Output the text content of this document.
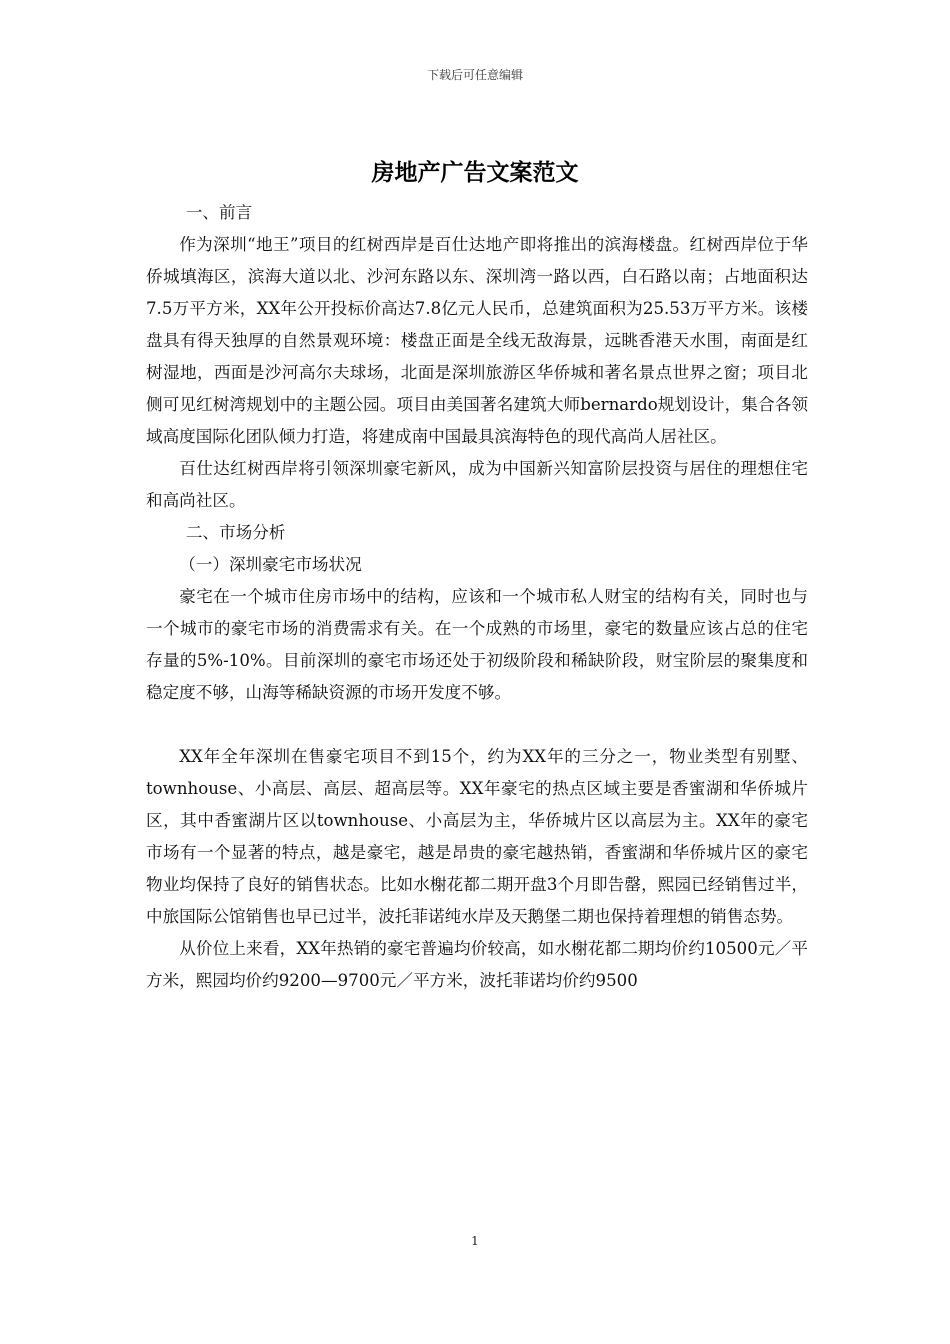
下载后可任意编辑
房地产广告文案范文

一、前言

作为深圳“地王”项目的红树西岸是百仕达地产即将推出的滨海楼盘。红树西岸位于华侨城填海区，滨海大道以北、沙河东路以东、深圳湾一路以西，白石路以南；占地面积达7.5万平方米，XX年公开投标价高达7.8亿元人民币，总建筑面积为25.53万平方米。该楼盘具有得天独厚的自然景观环境：楼盘正面是全线无敌海景，远眺香港天水围，南面是红树湿地，西面是沙河高尔夫球场，北面是深圳旅游区华侨城和著名景点世界之窗；项目北侧可见红树湾规划中的主题公园。项目由美国著名建筑大师bernardo规划设计，集合各领域高度国际化团队倾力打造，将建成南中国最具滨海特色的现代高尚人居社区。

百仕达红树西岸将引领深圳豪宅新风，成为中国新兴知富阶层投资与居住的理想住宅和高尚社区。

二、市场分析

（一）深圳豪宅市场状况

豪宅在一个城市住房市场中的结构，应该和一个城市私人财宝的结构有关，同时也与一个城市的豪宅市场的消费需求有关。在一个成熟的市场里，豪宅的数量应该占总的住宅存量的5%-10%。目前深圳的豪宅市场还处于初级阶段和稀缺阶段，财宝阶层的聚集度和稳定度不够，山海等稀缺资源的市场开发度不够。

XX年全年深圳在售豪宅项目不到15个，约为XX年的三分之一，物业类型有别墅、townhouse、小高层、高层、超高层等。XX年豪宅的热点区域主要是香蜜湖和华侨城片区，其中香蜜湖片区以townhouse、小高层为主，华侨城片区以高层为主。XX年的豪宅市场有一个显著的特点，越是豪宅，越是昂贵的豪宅越热销，香蜜湖和华侨城片区的豪宅物业均保持了良好的销售状态。比如水榭花都二期开盘3个月即告罄，熙园已经销售过半，中旅国际公馆销售也早已过半，波托菲诺纯水岸及天鹅堡二期也保持着理想的销售态势。

从价位上来看，XX年热销的豪宅普遍均价较高，如水榭花都二期均价约10500元／平方米，熙园均价约9200—9700元／平方米，波托菲诺均价约9500

1
